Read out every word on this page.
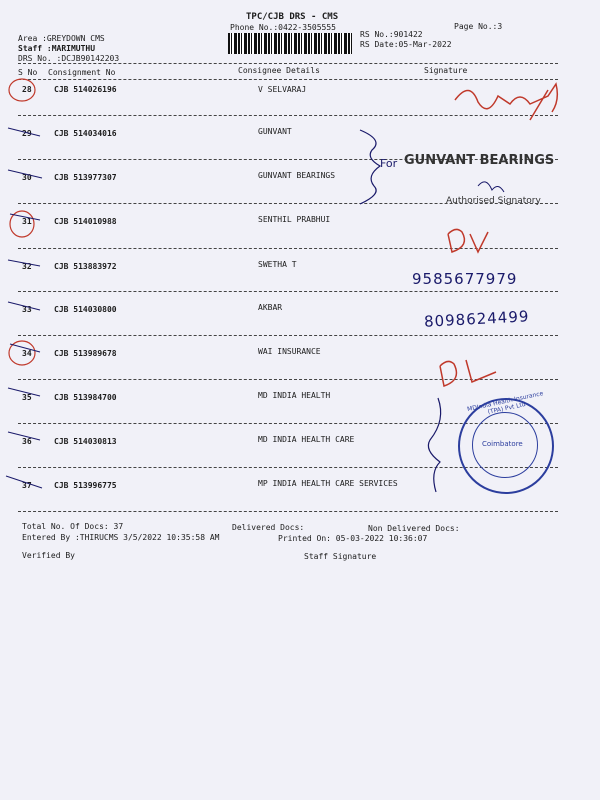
TPC/CJB DRS - CMS
Phone No.:0422-3505555	Page No.:3
Area :GREYDOWN CMS
Staff :MARIMUTHU
DRS No. :DCJB90142203
RS No.:901422
RS Date:05-Mar-2022
S No Consignment No	Consignee Details	Signature
28	CJB 514026196	V SELVARAJ
29	CJB 514034016	GUNVANT
30	CJB 513977307	GUNVANT BEARINGS
31	CJB 514010988	SENTHIL PRABHUI
32	CJB 513883972	SWETHA T
33	CJB 514030800	AKBAR
34	CJB 513989678	WAI INSURANCE
35	CJB 513984700	MD INDIA HEALTH
36	CJB 514030813	MD INDIA HEALTH CARE
37	CJB 513996775	MP INDIA HEALTH CARE SERVICES
Total No. Of Docs: 37	Delivered Docs:	Non Delivered Docs:
Entered By :THIRUCMS 3/5/2022 10:35:58 AM	Printed On: 05-03-2022 10:36:07
Verified By	Staff Signature
For GUNVANT BEARINGS
Authorised Signatory
9585677979
8098624499
MDIndia Health Insurance (TPA) Pvt Ltd
Coimbatore
